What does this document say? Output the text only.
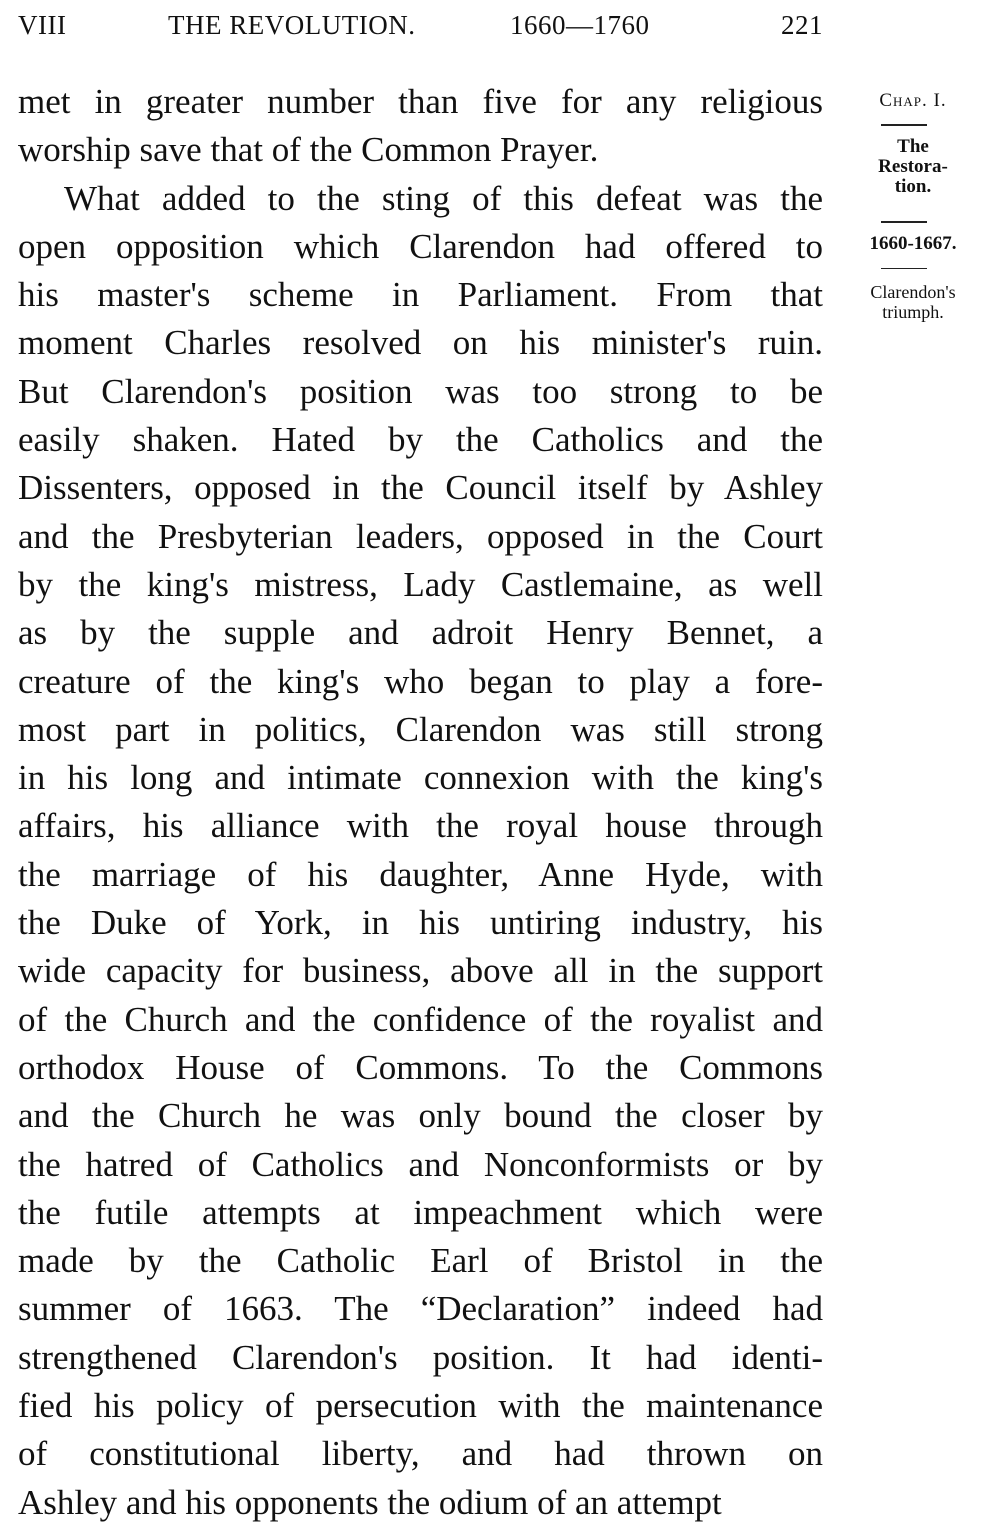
VIII	THE REVOLUTION.	1660—1760	221
met in greater number than five for any religious
worship save that of the Common Prayer.
What added to the sting of this defeat was the
open opposition which Clarendon had offered to
his master's scheme in Parliament. From that
moment Charles resolved on his minister's ruin.
But Clarendon's position was too strong to be
easily shaken. Hated by the Catholics and the
Dissenters, opposed in the Council itself by Ashley
and the Presbyterian leaders, opposed in the Court
by the king's mistress, Lady Castlemaine, as well
as by the supple and adroit Henry Bennet, a
creature of the king's who began to play a fore-
most part in politics, Clarendon was still strong
in his long and intimate connexion with the king's
affairs, his alliance with the royal house through
the marriage of his daughter, Anne Hyde, with
the Duke of York, in his untiring industry, his
wide capacity for business, above all in the support
of the Church and the confidence of the royalist and
orthodox House of Commons. To the Commons
and the Church he was only bound the closer by
the hatred of Catholics and Nonconformists or by
the futile attempts at impeachment which were
made by the Catholic Earl of Bristol in the
summer of 1663. The “Declaration” indeed had
strengthened Clarendon's position. It had identi-
fied his policy of persecution with the maintenance
of constitutional liberty, and had thrown on
Ashley and his opponents the odium of an attempt
Chap. I.
The
Restora-
tion.
1660-1667.
Clarendon's
triumph.
